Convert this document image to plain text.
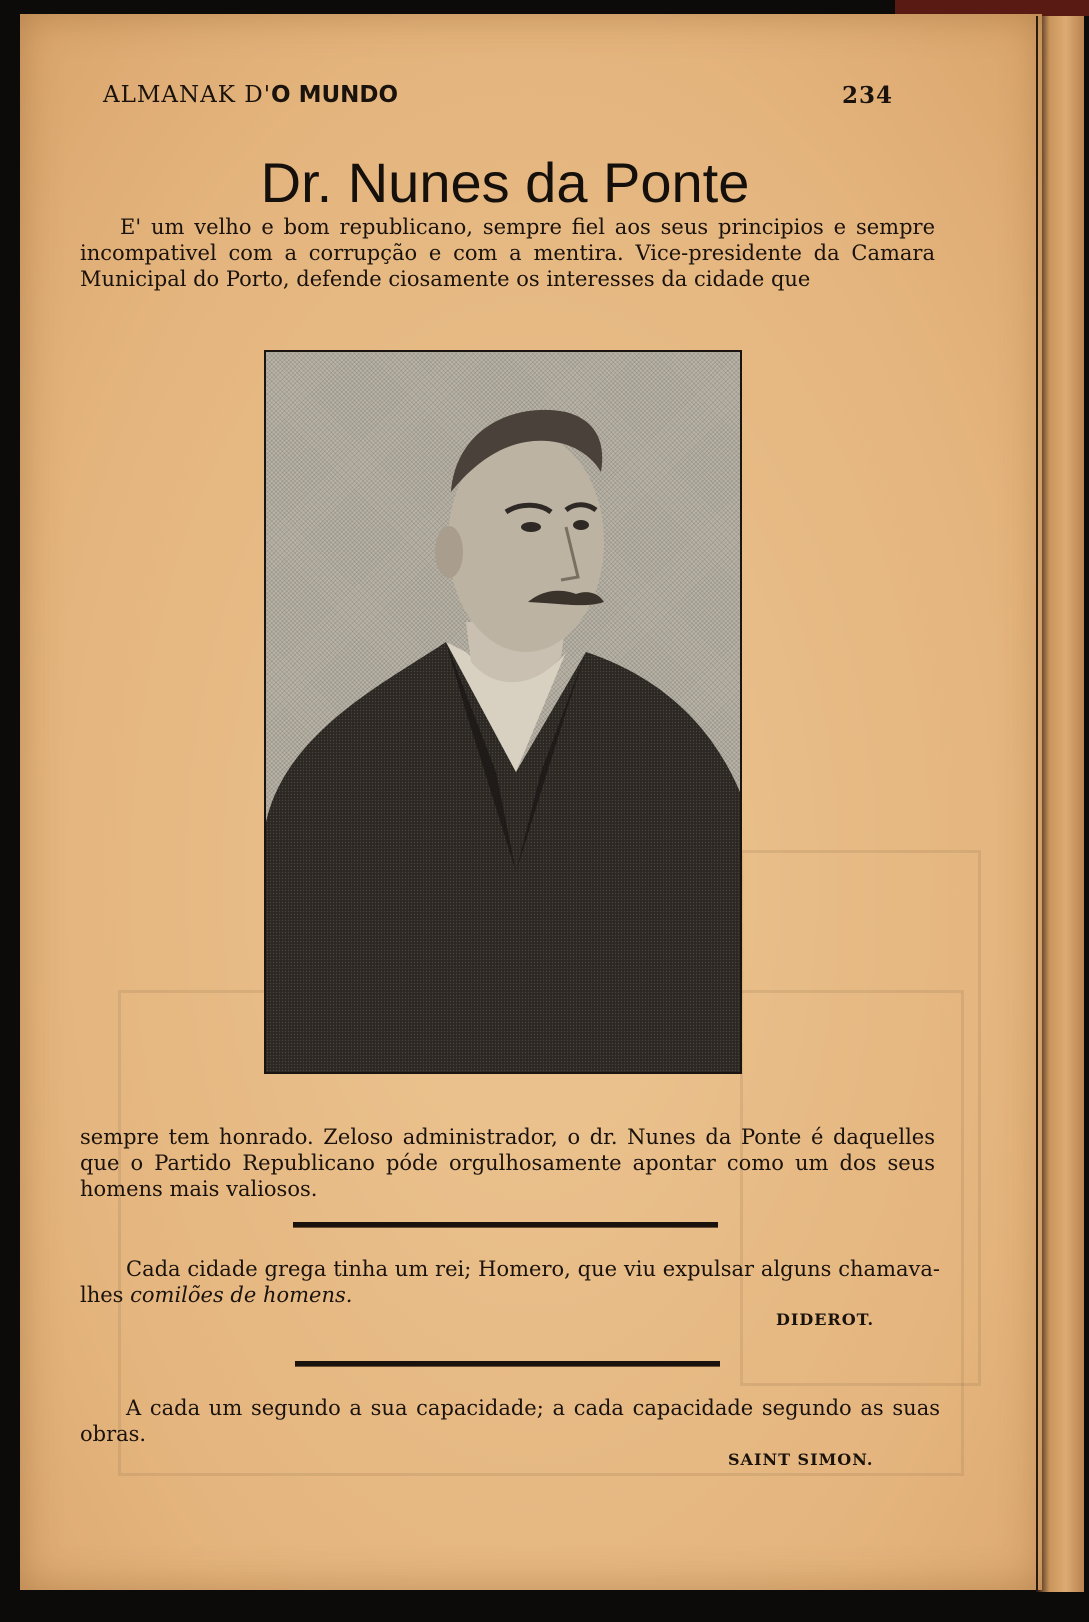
ALMANAK D'O MUNDO	234
Dr. Nunes da Ponte

E' um velho e bom republicano, sempre fiel aos seus principios e sempre incompativel com a corrupção e com a mentira. Vice-presidente da Camara Municipal do Porto, defende ciosamente os interesses da cidade que

sempre tem honrado. Zeloso administrador, o dr. Nunes da Ponte é daquelles que o Partido Republicano póde orgulhosamente apontar como um dos seus homens mais valiosos.

Cada cidade grega tinha um rei; Homero, que viu expulsar alguns chamava-lhes comilões de homens.

DIDEROT.

A cada um segundo a sua capacidade; a cada capacidade segundo as suas obras.

SAINT SIMON.
